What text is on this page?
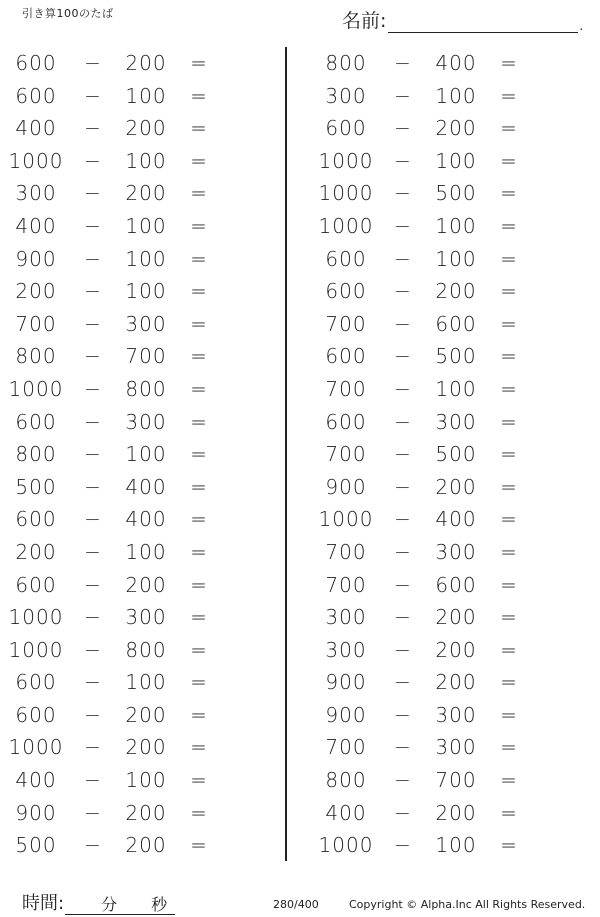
引き算100のたば	名前:	.
600	−	200	=
600	−	100	=
400	−	200	=
1000	−	100	=
300	−	200	=
400	−	100	=
900	−	100	=
200	−	100	=
700	−	300	=
800	−	700	=
1000	−	800	=
600	−	300	=
800	−	100	=
500	−	400	=
600	−	400	=
200	−	100	=
600	−	200	=
1000	−	300	=
1000	−	800	=
600	−	100	=
600	−	200	=
1000	−	200	=
400	−	100	=
900	−	200	=
500	−	200	=
800	−	400	=
300	−	100	=
600	−	200	=
1000	−	100	=
1000	−	500	=
1000	−	100	=
600	−	100	=
600	−	200	=
700	−	600	=
600	−	500	=
700	−	100	=
600	−	300	=
700	−	500	=
900	−	200	=
1000	−	400	=
700	−	300	=
700	−	600	=
300	−	200	=
300	−	200	=
900	−	200	=
900	−	300	=
700	−	300	=
800	−	700	=
400	−	200	=
1000	−	100	=
時間: 分 秒	280/400	Copyright © Alpha.Inc All Rights Reserved.
